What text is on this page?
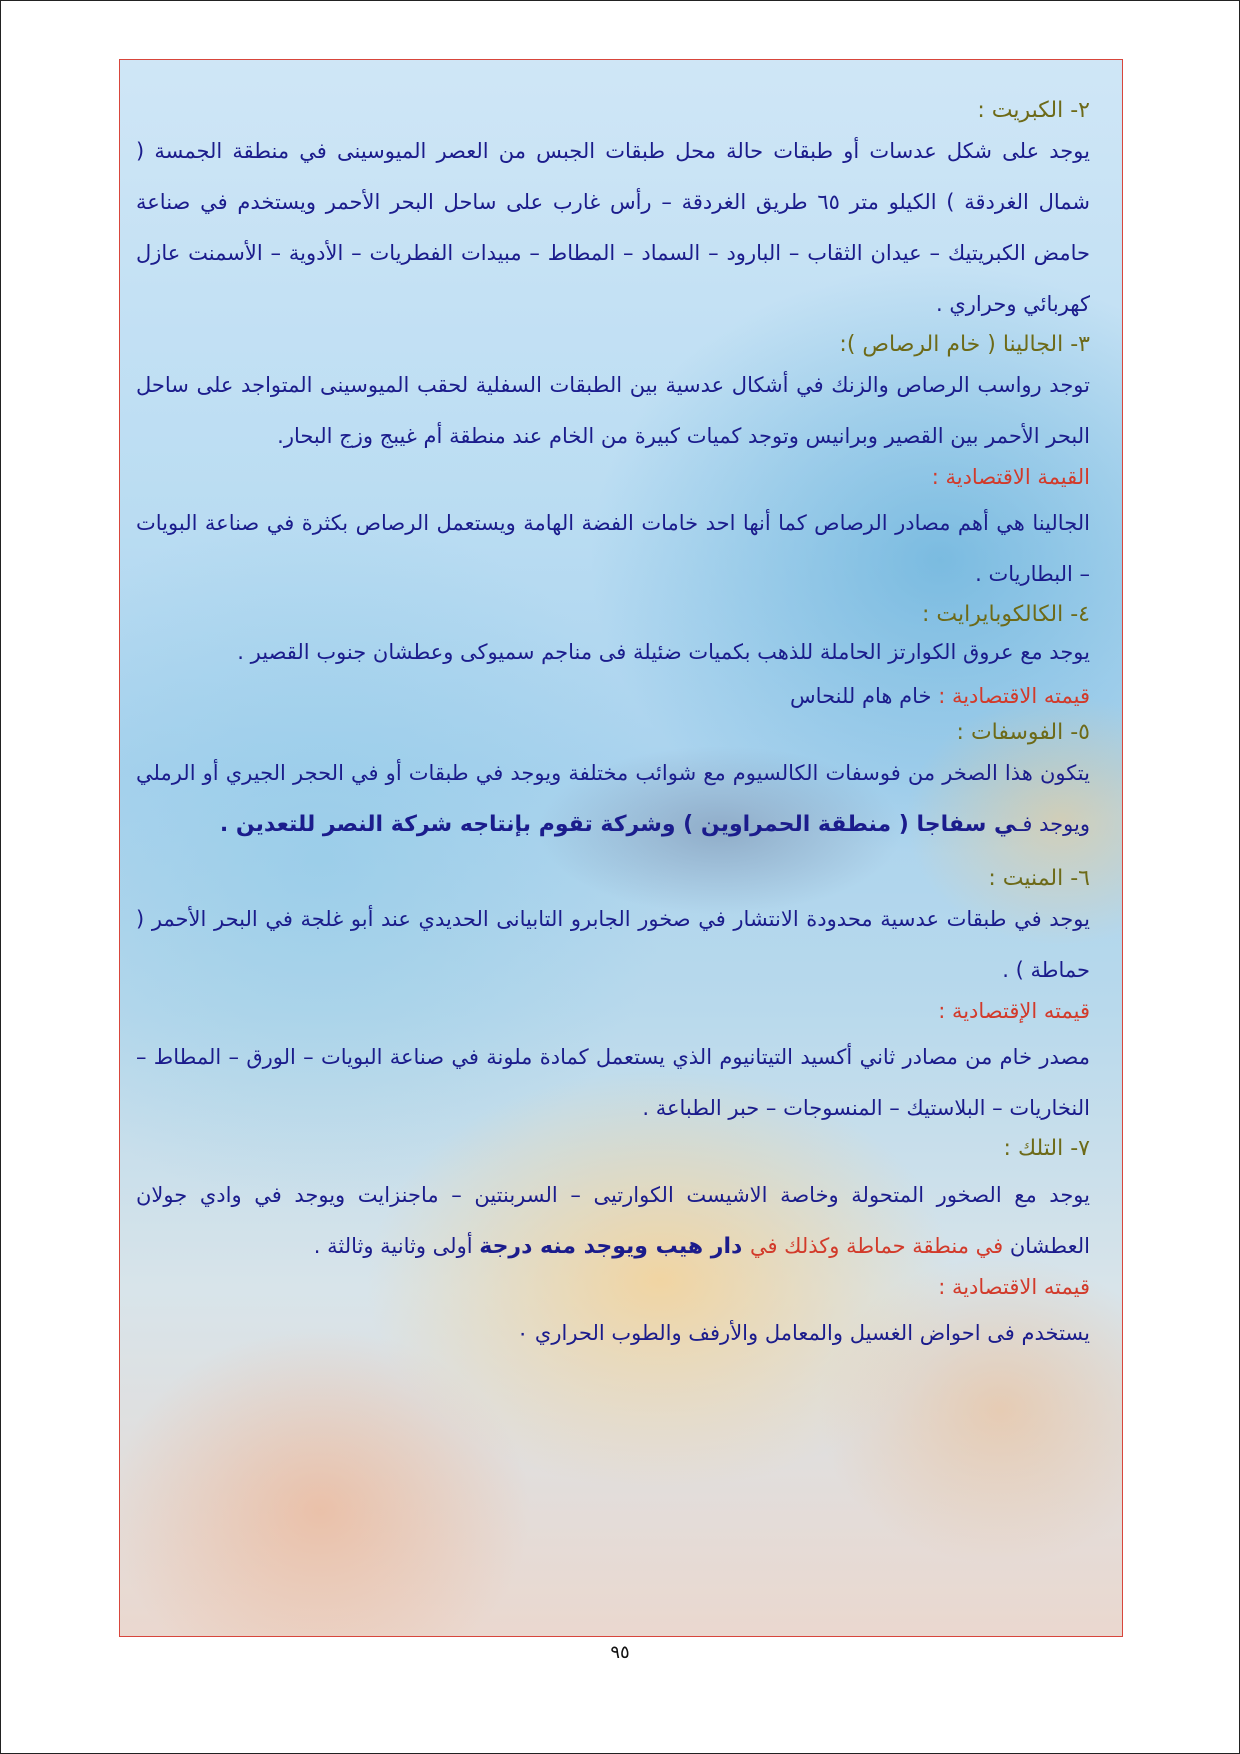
٢- الكبريت :

يوجد على شكل عدسات أو طبقات حالة محل طبقات الجبس من العصر الميوسينى في منطقة الجمسة ( شمال الغردقة ) الكيلو متر ٦٥ طريق الغردقة – رأس غارب على ساحل البحر الأحمر ويستخدم في صناعة حامض الكبريتيك – عيدان الثقاب – البارود – السماد – المطاط – مبيدات الفطريات – الأدوية – الأسمنت عازل كهربائي وحراري .

٣- الجالينا ( خام الرصاص ):

توجد رواسب الرصاص والزنك في أشكال عدسية بين الطبقات السفلية لحقب الميوسينى المتواجد على ساحل البحر الأحمر بين القصير وبرانيس وتوجد كميات كبيرة من الخام عند منطقة أم غيبج وزج البحار.

القيمة الاقتصادية :

الجالينا هي أهم مصادر الرصاص كما أنها احد خامات الفضة الهامة ويستعمل الرصاص بكثرة في صناعة البويات – البطاريات .

٤- الكالكوبايرايت :

يوجد مع عروق الكوارتز الحاملة للذهب بكميات ضئيلة فى مناجم سميوكى وعطشان جنوب القصير .

قيمته الاقتصادية : خام هام للنحاس

٥- الفوسفات :

يتكون هذا الصخر من فوسفات الكالسيوم مع شوائب مختلفة ويوجد في طبقات أو في الحجر الجيري أو الرملي ويوجد فـي سفاجا ( منطقة الحمراوين ) وشركة تقوم بإنتاجه شركة النصر للتعدين .

٦- المنيت :

يوجد في طبقات عدسية محدودة الانتشار في صخور الجابرو التابيانى الحديدي عند أبو غلجة في البحر الأحمر ( حماطة ) .

قيمته الإقتصادية :

مصدر خام من مصادر ثاني أكسيد التيتانيوم الذي يستعمل كمادة ملونة في صناعة البويات – الورق – المطاط – النخاريات – البلاستيك – المنسوجات – حبر الطباعة .

٧- التلك :

يوجد مع الصخور المتحولة وخاصة الاشيست الكوارتيى – السربنتين – ماجنزايت ويوجد في وادي جولان العطشان في منطقة حماطة وكذلك في دار هيب ويوجد منه درجة أولى وثانية وثالثة .

قيمته الاقتصادية :

يستخدم فى احواض الغسيل والمعامل والأرفف والطوب الحراري ٠

٩٥
